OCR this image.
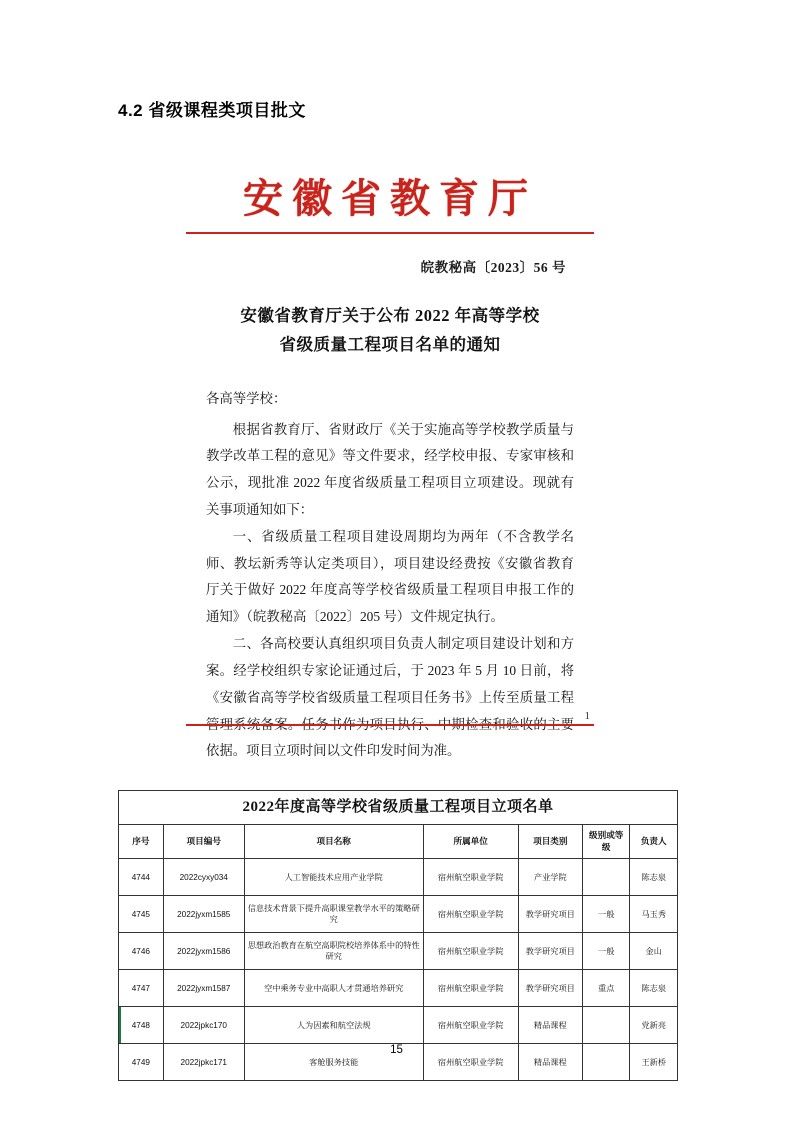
4.2 省级课程类项目批文
安徽省教育厅
皖教秘高〔2023〕56 号
安徽省教育厅关于公布 2022 年高等学校
省级质量工程项目名单的通知

各高等学校：

根据省教育厅、省财政厅《关于实施高等学校教学质量与教学改革工程的意见》等文件要求，经学校申报、专家审核和公示，现批准 2022 年度省级质量工程项目立项建设。现就有关事项通知如下：

一、省级质量工程项目建设周期均为两年（不含教学名师、教坛新秀等认定类项目），项目建设经费按《安徽省教育厅关于做好 2022 年度高等学校省级质量工程项目申报工作的通知》（皖教秘高〔2022〕205 号）文件规定执行。

二、各高校要认真组织项目负责人制定项目建设计划和方案。经学校组织专家论证通过后，于 2023 年 5 月 10 日前，将《安徽省高等学校省级质量工程项目任务书》上传至质量工程管理系统备案。任务书作为项目执行、中期检查和验收的主要依据。项目立项时间以文件印发时间为准。

1
2022年度高等学校省级质量工程项目立项名单						
序号	项目编号	项目名称	所属单位	项目类别	级别或等级	负责人
4744	2022cyxy034	人工智能技术应用产业学院	宿州航空职业学院	产业学院		陈志泉
4745	2022jyxm1585	信息技术背景下提升高职课堂教学水平的策略研究	宿州航空职业学院	教学研究项目	一般	马玉秀
4746	2022jyxm1586	思想政治教育在航空高职院校培养体系中的特性研究	宿州航空职业学院	教学研究项目	一般	金山
4747	2022jyxm1587	空中乘务专业中高职人才贯通培养研究	宿州航空职业学院	教学研究项目	重点	陈志泉
4748	2022jpkc170	人为因素和航空法规	宿州航空职业学院	精品课程		党新亮
4749	2022jpkc171	客舱服务技能	宿州航空职业学院	精品课程		王新桥
15
